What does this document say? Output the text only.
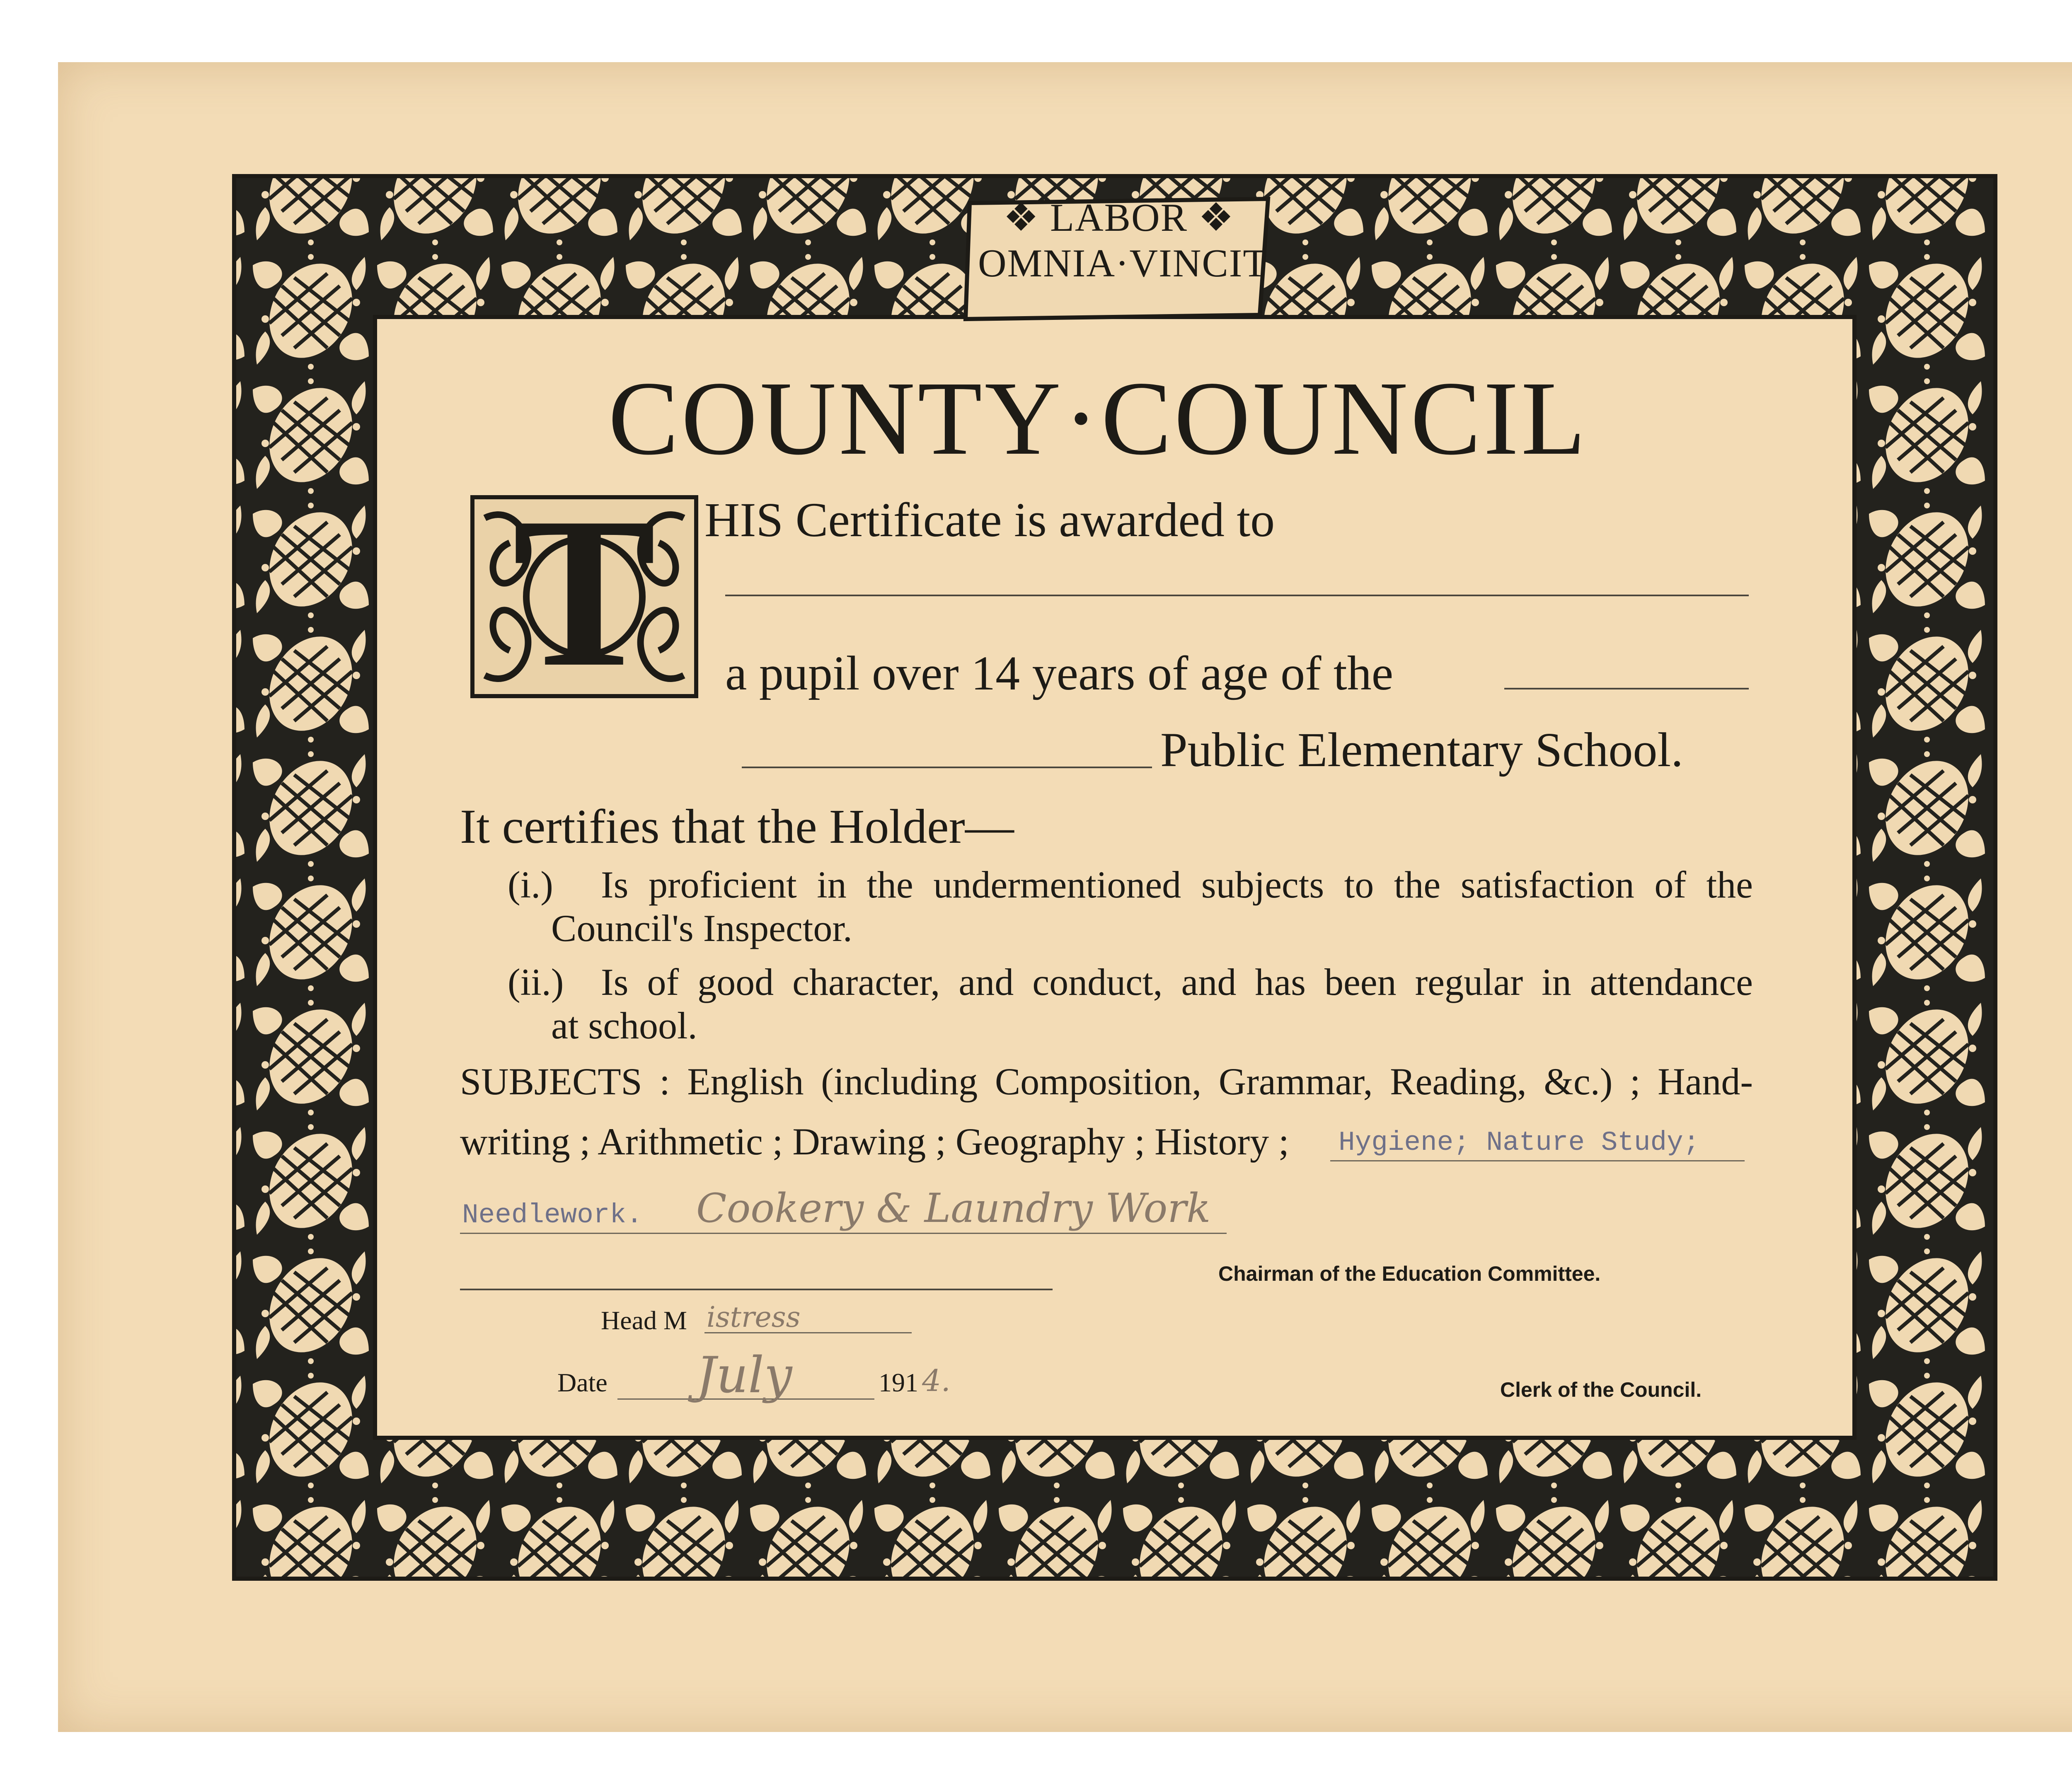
❖ LABOR ❖
OMNIA·VINCIT
COUNTY·COUNCIL
T HIS Certificate is awarded to
a pupil over 14 years of age of the
Public Elementary School.
It certifies that the Holder—
(i.) Is proficient in the undermentioned subjects to the satisfaction of the
Council's Inspector.
(ii.) Is of good character, and conduct, and has been regular in attendance
at school.
SUBJECTS : English (including Composition, Grammar, Reading, &c.) ; Hand-
writing ; Arithmetic ; Drawing ; Geography ; History ; Hygiene; Nature Study;
Needlework. Cookery & Laundry Work
Chairman of the Education Committee.
Head M istress
Date July	191 4.	Clerk of the Council.
